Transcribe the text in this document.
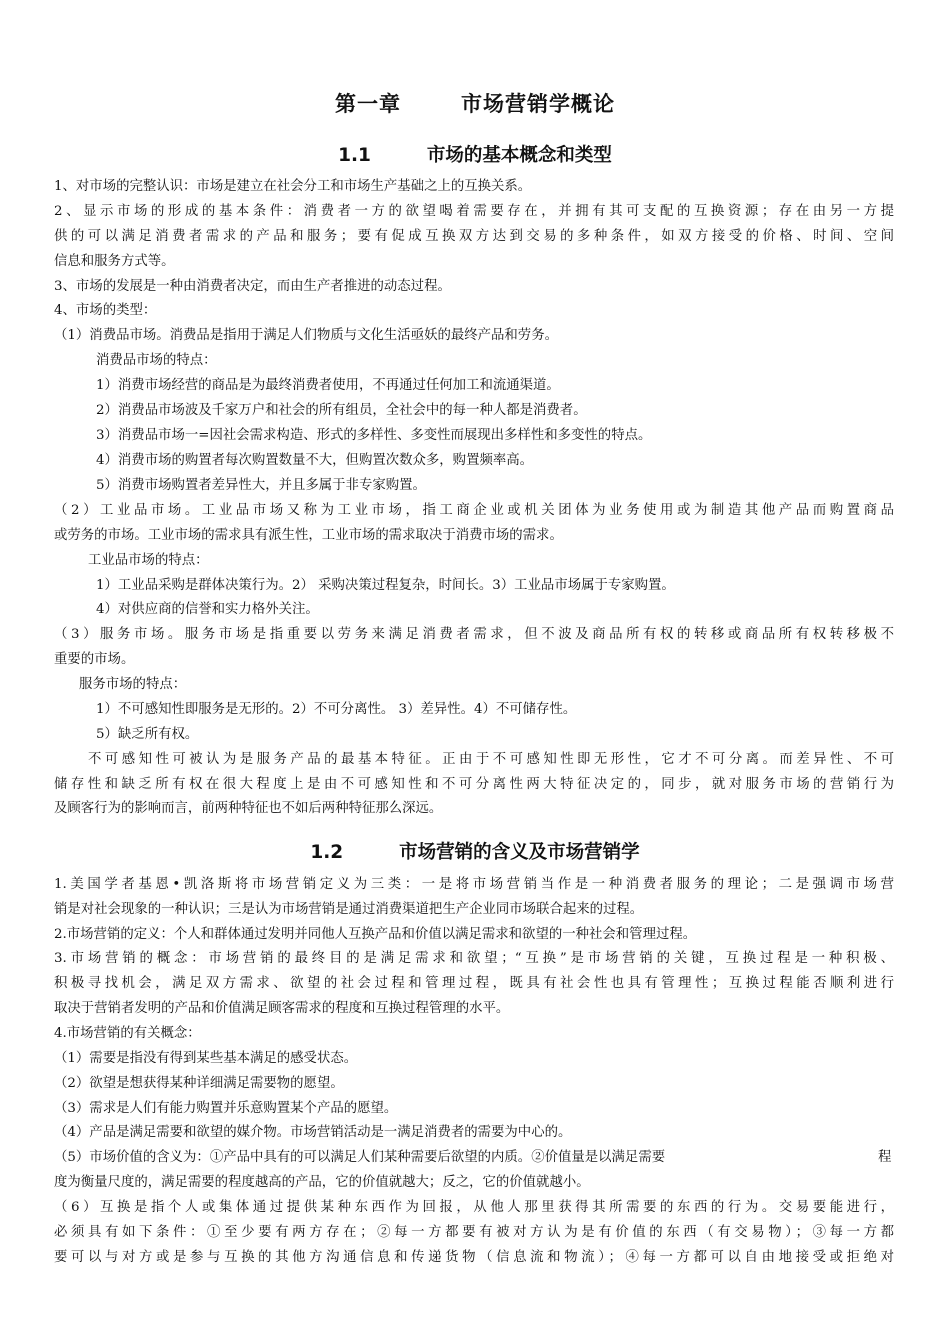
第一章	市场营销学概论
1.1	市场的基本概念和类型
1.2	市场营销的含义及市场营销学
1、对市场的完整认识：市场是建立在社会分工和市场生产基础之上的互换关系。
2、显示市场的形成的基本条件：消费者一方的欲望喝着需要存在，并拥有其可支配的互换资源；存在由另一方提
供的可以满足消费者需求的产品和服务；要有促成互换双方达到交易的多种条件，如双方接受的价格、时间、空间
信息和服务方式等。
3、市场的发展是一种由消费者决定，而由生产者推进的动态过程。
4、市场的类型：
（1）消费品市场。消费品是指用于满足人们物质与文化生活亟妖的最终产品和劳务。
消费品市场的特点：
1）消费市场经营的商品是为最终消费者使用，不再通过任何加工和流通渠道。
2）消费品市场波及千家万户和社会的所有组员，全社会中的每一种人都是消费者。
3）消费品市场一=因社会需求构造、形式的多样性、多变性而展现出多样性和多变性的特点。
4）消费市场的购置者每次购置数量不大，但购置次数众多，购置频率高。
5）消费市场购置者差异性大，并且多属于非专家购置。
（2）工业品市场。工业品市场又称为工业市场，指工商企业或机关团体为业务使用或为制造其他产品而购置商品
或劳务的市场。工业市场的需求具有派生性，工业市场的需求取决于消费市场的需求。
工业品市场的特点：
1）工业品采购是群体决策行为。2） 采购决策过程复杂，时间长。3）工业品市场属于专家购置。
4）对供应商的信誉和实力格外关注。
（3）服务市场。服务市场是指重要以劳务来满足消费者需求，但不波及商品所有权的转移或商品所有权转移极不
重要的市场。
服务市场的特点：
1）不可感知性即服务是无形的。2）不可分离性。 3）差异性。4）不可储存性。
5）缺乏所有权。
不可感知性可被认为是服务产品的最基本特征。正由于不可感知性即无形性，它才不可分离。而差异性、不可
储存性和缺乏所有权在很大程度上是由不可感知性和不可分离性两大特征决定的，同步，就对服务市场的营销行为
及顾客行为的影响而言，前两种特征也不如后两种特征那么深远。
1.美国学者基恩•凯洛斯将市场营销定义为三类：一是将市场营销当作是一种消费者服务的理论；二是强调市场营
销是对社会现象的一种认识；三是认为市场营销是通过消费渠道把生产企业同市场联合起来的过程。
2.市场营销的定义：个人和群体通过发明并同他人互换产品和价值以满足需求和欲望的一种社会和管理过程。
3.市场营销的概念：市场营销的最终目的是满足需求和欲望；“互换”是市场营销的关键，互换过程是一种积极、
积极寻找机会，满足双方需求、欲望的社会过程和管理过程，既具有社会性也具有管理性；互换过程能否顺利进行
取决于营销者发明的产品和价值满足顾客需求的程度和互换过程管理的水平。
4.市场营销的有关概念：
（1）需要是指没有得到某些基本满足的感受状态。
（2）欲望是想获得某种详细满足需要物的愿望。
（3）需求是人们有能力购置并乐意购置某个产品的愿望。
（4）产品是满足需要和欲望的媒介物。市场营销活动是一满足消费者的需要为中心的。
（5）市场价值的含义为：①产品中具有的可以满足人们某种需要后欲望的内质。②价值量是以满足需要	程
度为衡量尺度的，满足需要的程度越高的产品，它的价值就越大；反之，它的价值就越小。
（6）互换是指个人或集体通过提供某种东西作为回报，从他人那里获得其所需要的东西的行为。交易要能进行，
必须具有如下条件：①至少要有两方存在；②每一方都要有被对方认为是有价值的东西（有交易物）；③每一方都
要可以与对方或是参与互换的其他方沟通信息和传递货物（信息流和物流）；④每一方都可以自由地接受或拒绝对
